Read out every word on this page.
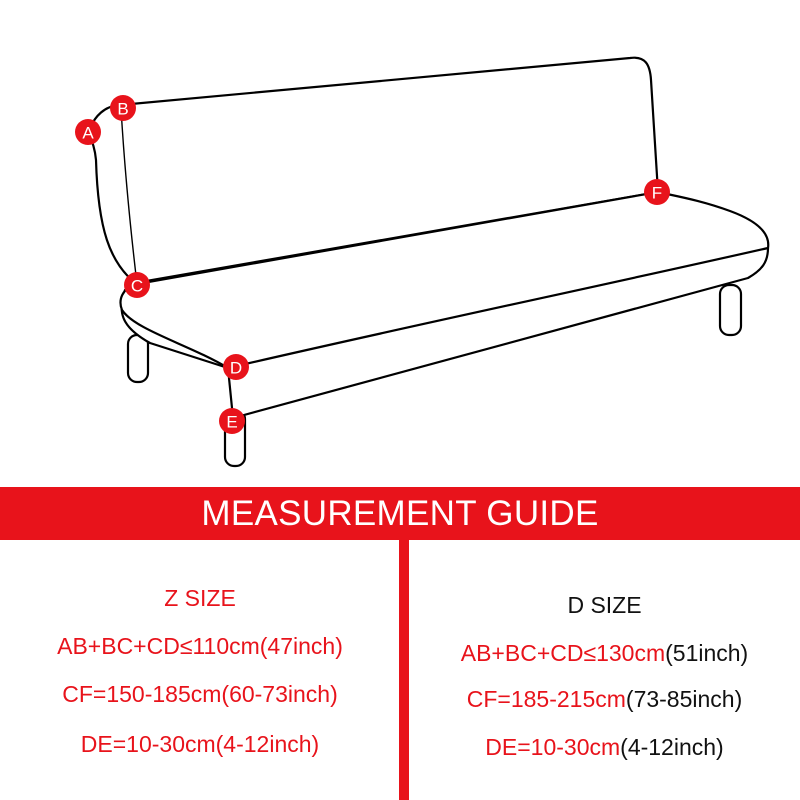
A
B
C
D
E
F
MEASUREMENT GUIDE
Z SIZE
AB+BC+CD≤110cm(47inch)
CF=150-185cm(60-73inch)
DE=10-30cm(4-12inch)
D SIZE
AB+BC+CD≤130cm(51inch)
CF=185-215cm(73-85inch)
DE=10-30cm(4-12inch)
